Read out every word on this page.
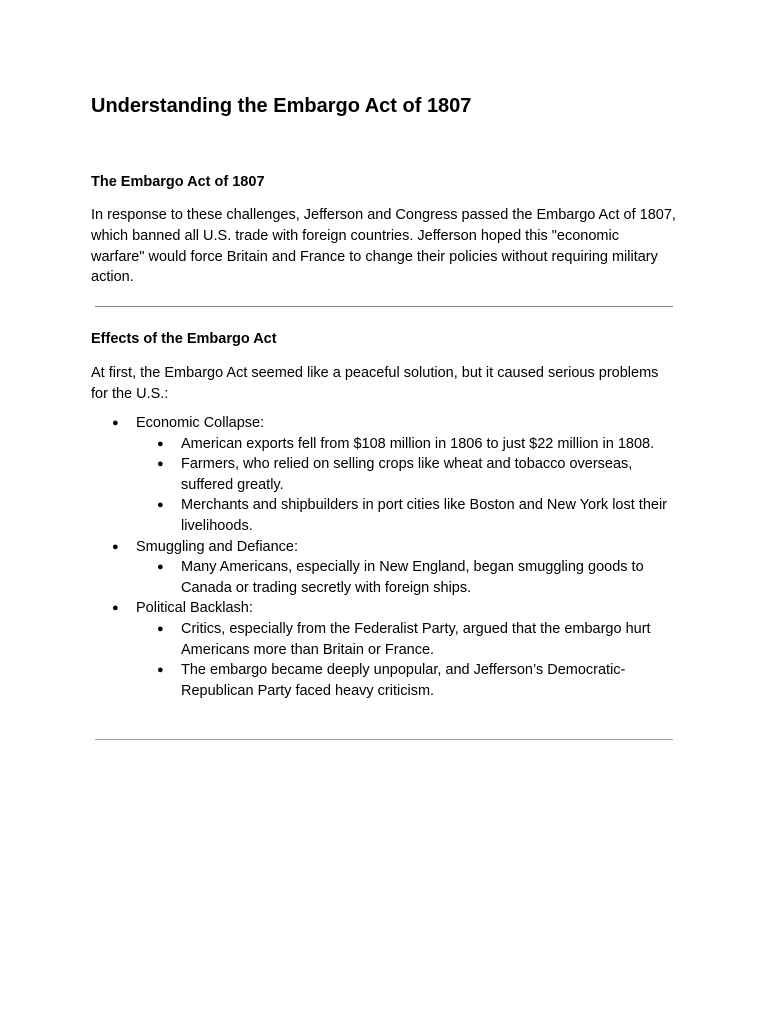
Understanding the Embargo Act of 1807
The Embargo Act of 1807

In response to these challenges, Jefferson and Congress passed the Embargo Act of 1807, which banned all U.S. trade with foreign countries. Jefferson hoped this "economic warfare" would force Britain and France to change their policies without requiring military action.

Effects of the Embargo Act

At first, the Embargo Act seemed like a peaceful solution, but it caused serious problems for the U.S.:

● Economic Collapse:
● American exports fell from $108 million in 1806 to just $22 million in 1808.
● Farmers, who relied on selling crops like wheat and tobacco overseas, suffered greatly.
● Merchants and shipbuilders in port cities like Boston and New York lost their livelihoods.
● Smuggling and Defiance:
● Many Americans, especially in New England, began smuggling goods to Canada or trading secretly with foreign ships.
● Political Backlash:
● Critics, especially from the Federalist Party, argued that the embargo hurt Americans more than Britain or France.
● The embargo became deeply unpopular, and Jefferson’s Democratic-Republican Party faced heavy criticism.
